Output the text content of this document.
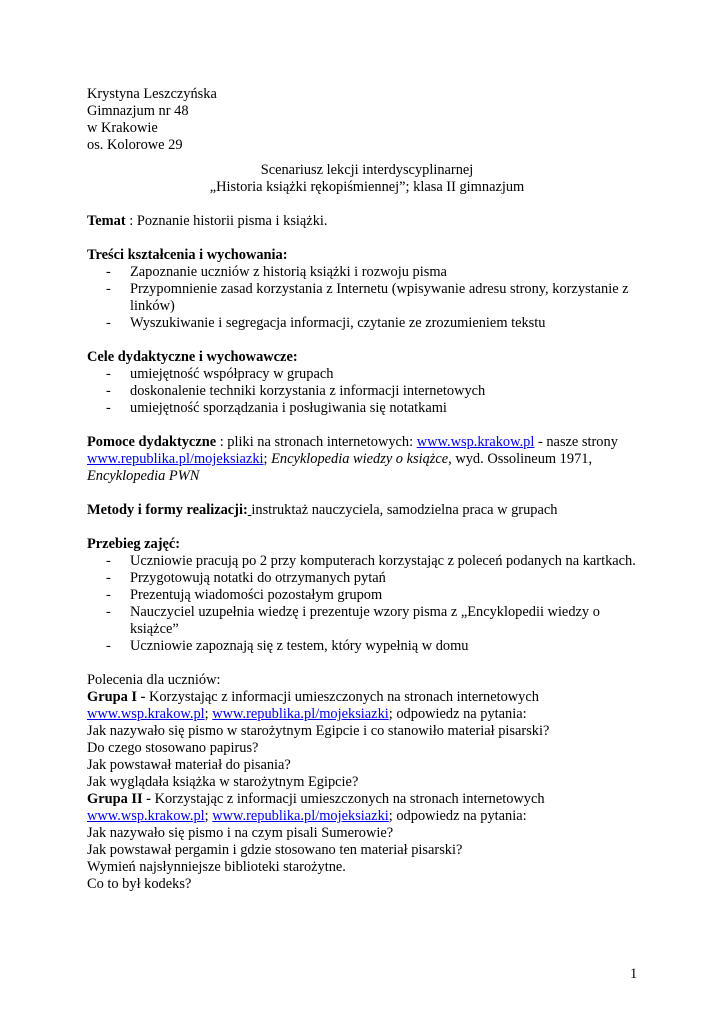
Krystyna Leszczyńska

Gimnazjum nr 48

w Krakowie

os. Kolorowe 29

Scenariusz lekcji interdyscyplinarnej

„Historia książki rękopiśmiennej”; klasa II gimnazjum

Temat : Poznanie historii pisma i książki.

Treści kształcenia i wychowania:

- Zapoznanie uczniów z historią książki i rozwoju pisma
- Przypomnienie zasad korzystania z Internetu (wpisywanie adresu strony, korzystanie z linków)
- Wyszukiwanie i segregacja informacji, czytanie ze zrozumieniem tekstu

Cele dydaktyczne i wychowawcze:

- umiejętność współpracy w grupach
- doskonalenie techniki korzystania z informacji internetowych
- umiejętność sporządzania i posługiwania się notatkami

Pomoce dydaktyczne : pliki na stronach internetowych: www.wsp.krakow.pl - nasze strony
www.republika.pl/mojeksiazki; Encyklopedia wiedzy o książce, wyd. Ossolineum 1971,
Encyklopedia PWN

Metody i formy realizacji: instruktaż nauczyciela, samodzielna praca w grupach

Przebieg zajęć:

- Uczniowie pracują po 2 przy komputerach korzystając z poleceń podanych na kartkach.
- Przygotowują notatki do otrzymanych pytań
- Prezentują wiadomości pozostałym grupom
- Nauczyciel uzupełnia wiedzę i prezentuje wzory pisma z „Encyklopedii wiedzy o książce”
- Uczniowie zapoznają się z testem, który wypełnią w domu

Polecenia dla uczniów:

Grupa I - Korzystając z informacji umieszczonych na stronach internetowych

www.wsp.krakow.pl; www.republika.pl/mojeksiazki; odpowiedz na pytania:

Jak nazywało się pismo w starożytnym Egipcie i co stanowiło materiał pisarski?

Do czego stosowano papirus?

Jak powstawał materiał do pisania?

Jak wyglądała książka w starożytnym Egipcie?

Grupa II - Korzystając z informacji umieszczonych na stronach internetowych

www.wsp.krakow.pl; www.republika.pl/mojeksiazki; odpowiedz na pytania:

Jak nazywało się pismo i na czym pisali Sumerowie?

Jak powstawał pergamin i gdzie stosowano ten materiał pisarski?

Wymień najsłynniejsze biblioteki starożytne.

Co to był kodeks?

1
